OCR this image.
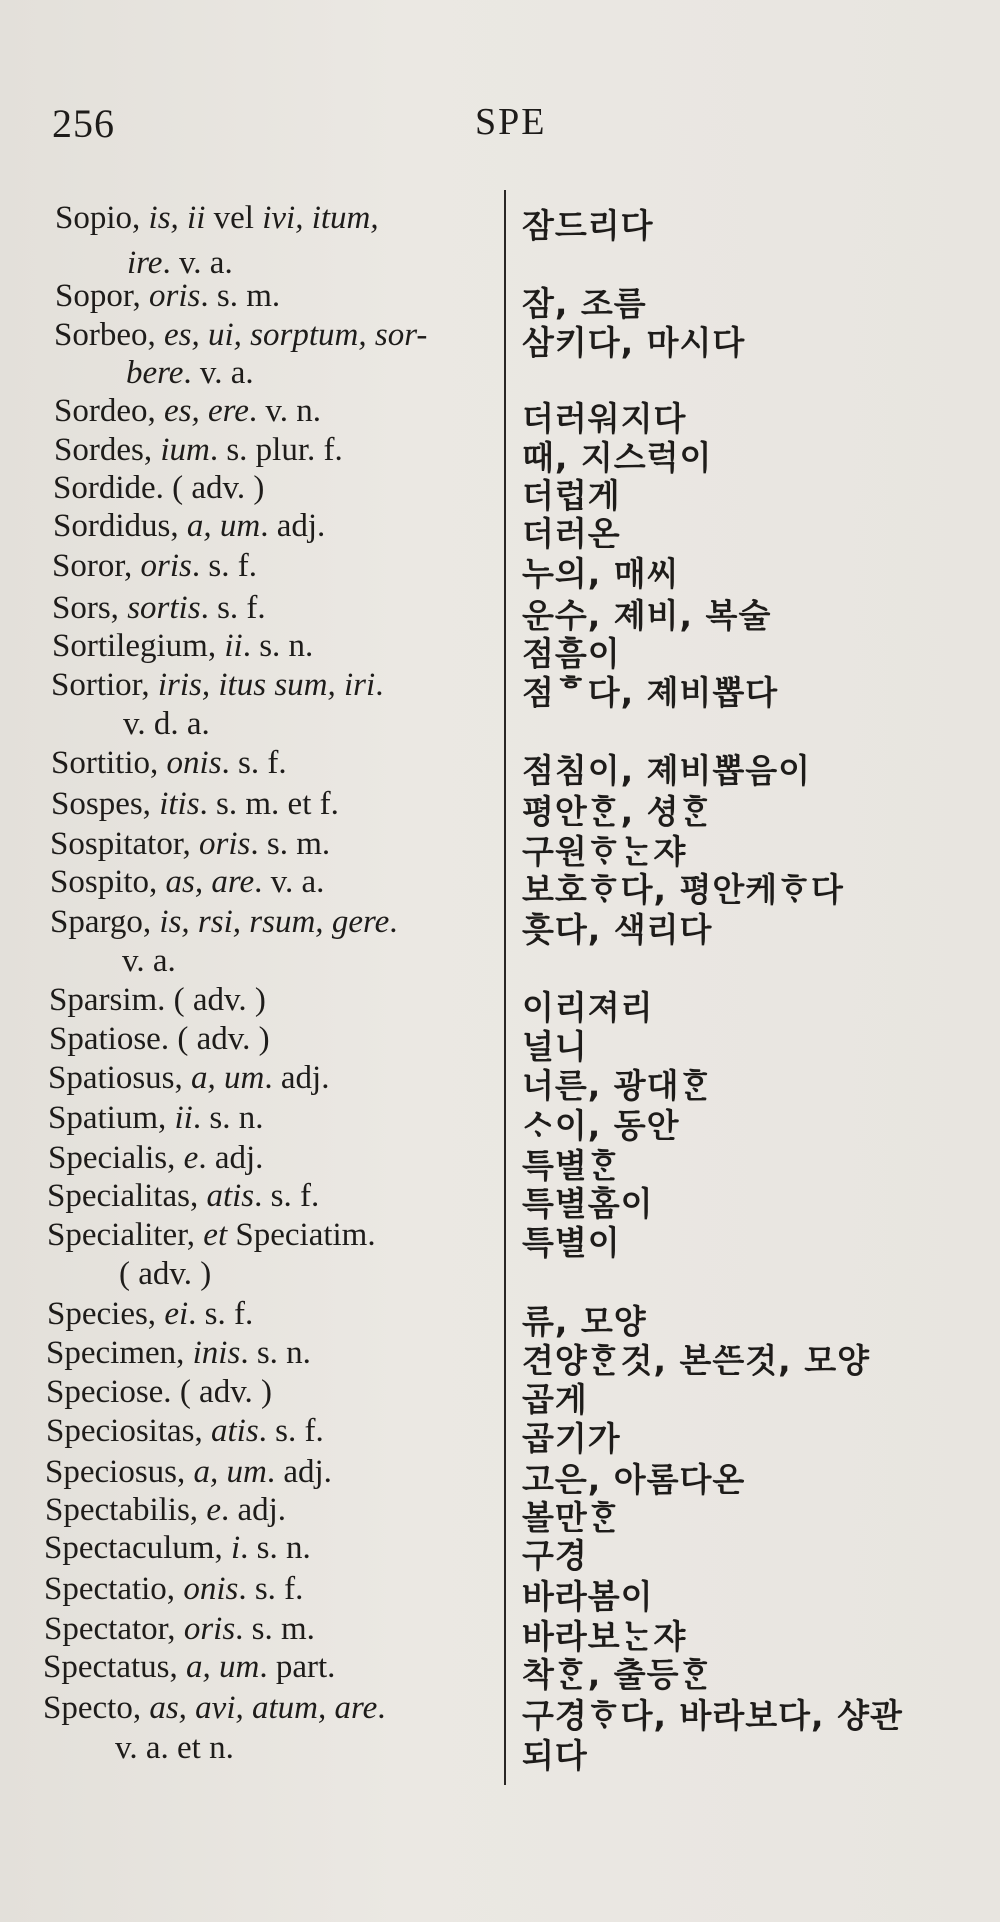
256	SPE
Sopio, is, ii vel ivi, itum,
ire. v. a.
잠드리다
Sopor, oris. s. m.	잠, 조름
Sorbeo, es, ui, sorptum, sor-
bere. v. a.
삼키다, 마시다
Sordeo, es, ere. v. n.	더러워지다
Sordes, ium. s. plur. f.	때, 지스럭이
Sordide. ( adv. )	더럽게
Sordidus, a, um. adj.	더러온
Soror, oris. s. f.	누의, 매씨
Sors, sortis. s. f.	운수, 졔비, 복술
Sortilegium, ii. s. n.	점흠이
Sortior, iris, itus sum, iri.
v. d. a.
점ᄒ다, 졔비뽑다
Sortitio, onis. s. f.	점침이, 졔비뽑음이
Sospes, itis. s. m. et f.	평안ᄒᆞᆫ, 셩ᄒᆞᆫ
Sospitator, oris. s. m.	구원ᄒᆞᄂᆞᆫ쟈
Sospito, as, are. v. a.	보호ᄒᆞ다, 평안케ᄒᆞ다
Spargo, is, rsi, rsum, gere.
v. a.
흣다, 색리다
Sparsim. ( adv. )	이리져리
Spatiose. ( adv. )	널니
Spatiosus, a, um. adj.	너른, 광대ᄒᆞᆫ
Spatium, ii. s. n.	ᄉᆞ이, 동안
Specialis, e. adj.	특별ᄒᆞᆫ
Specialitas, atis. s. f.	특별홈이
Specialiter, et Speciatim.
( adv. )
특별이
Species, ei. s. f.	류, 모양
Specimen, inis. s. n.	견양ᄒᆞᆫ것, 본ᄯᅳᆫ것, 모양
Speciose. ( adv. )	곱게
Speciositas, atis. s. f.	곱기가
Speciosus, a, um. adj.	고은, 아롬다온
Spectabilis, e. adj.	볼만ᄒᆞᆫ
Spectaculum, i. s. n.	구경
Spectatio, onis. s. f.	바라봄이
Spectator, oris. s. m.	바라보ᄂᆞᆫ쟈
Spectatus, a, um. part.	착ᄒᆞᆫ, 출등ᄒᆞᆫ
Specto, as, avi, atum, are.
v. a. et n.
구경ᄒᆞ다, 바라보다, 샹관
되다
